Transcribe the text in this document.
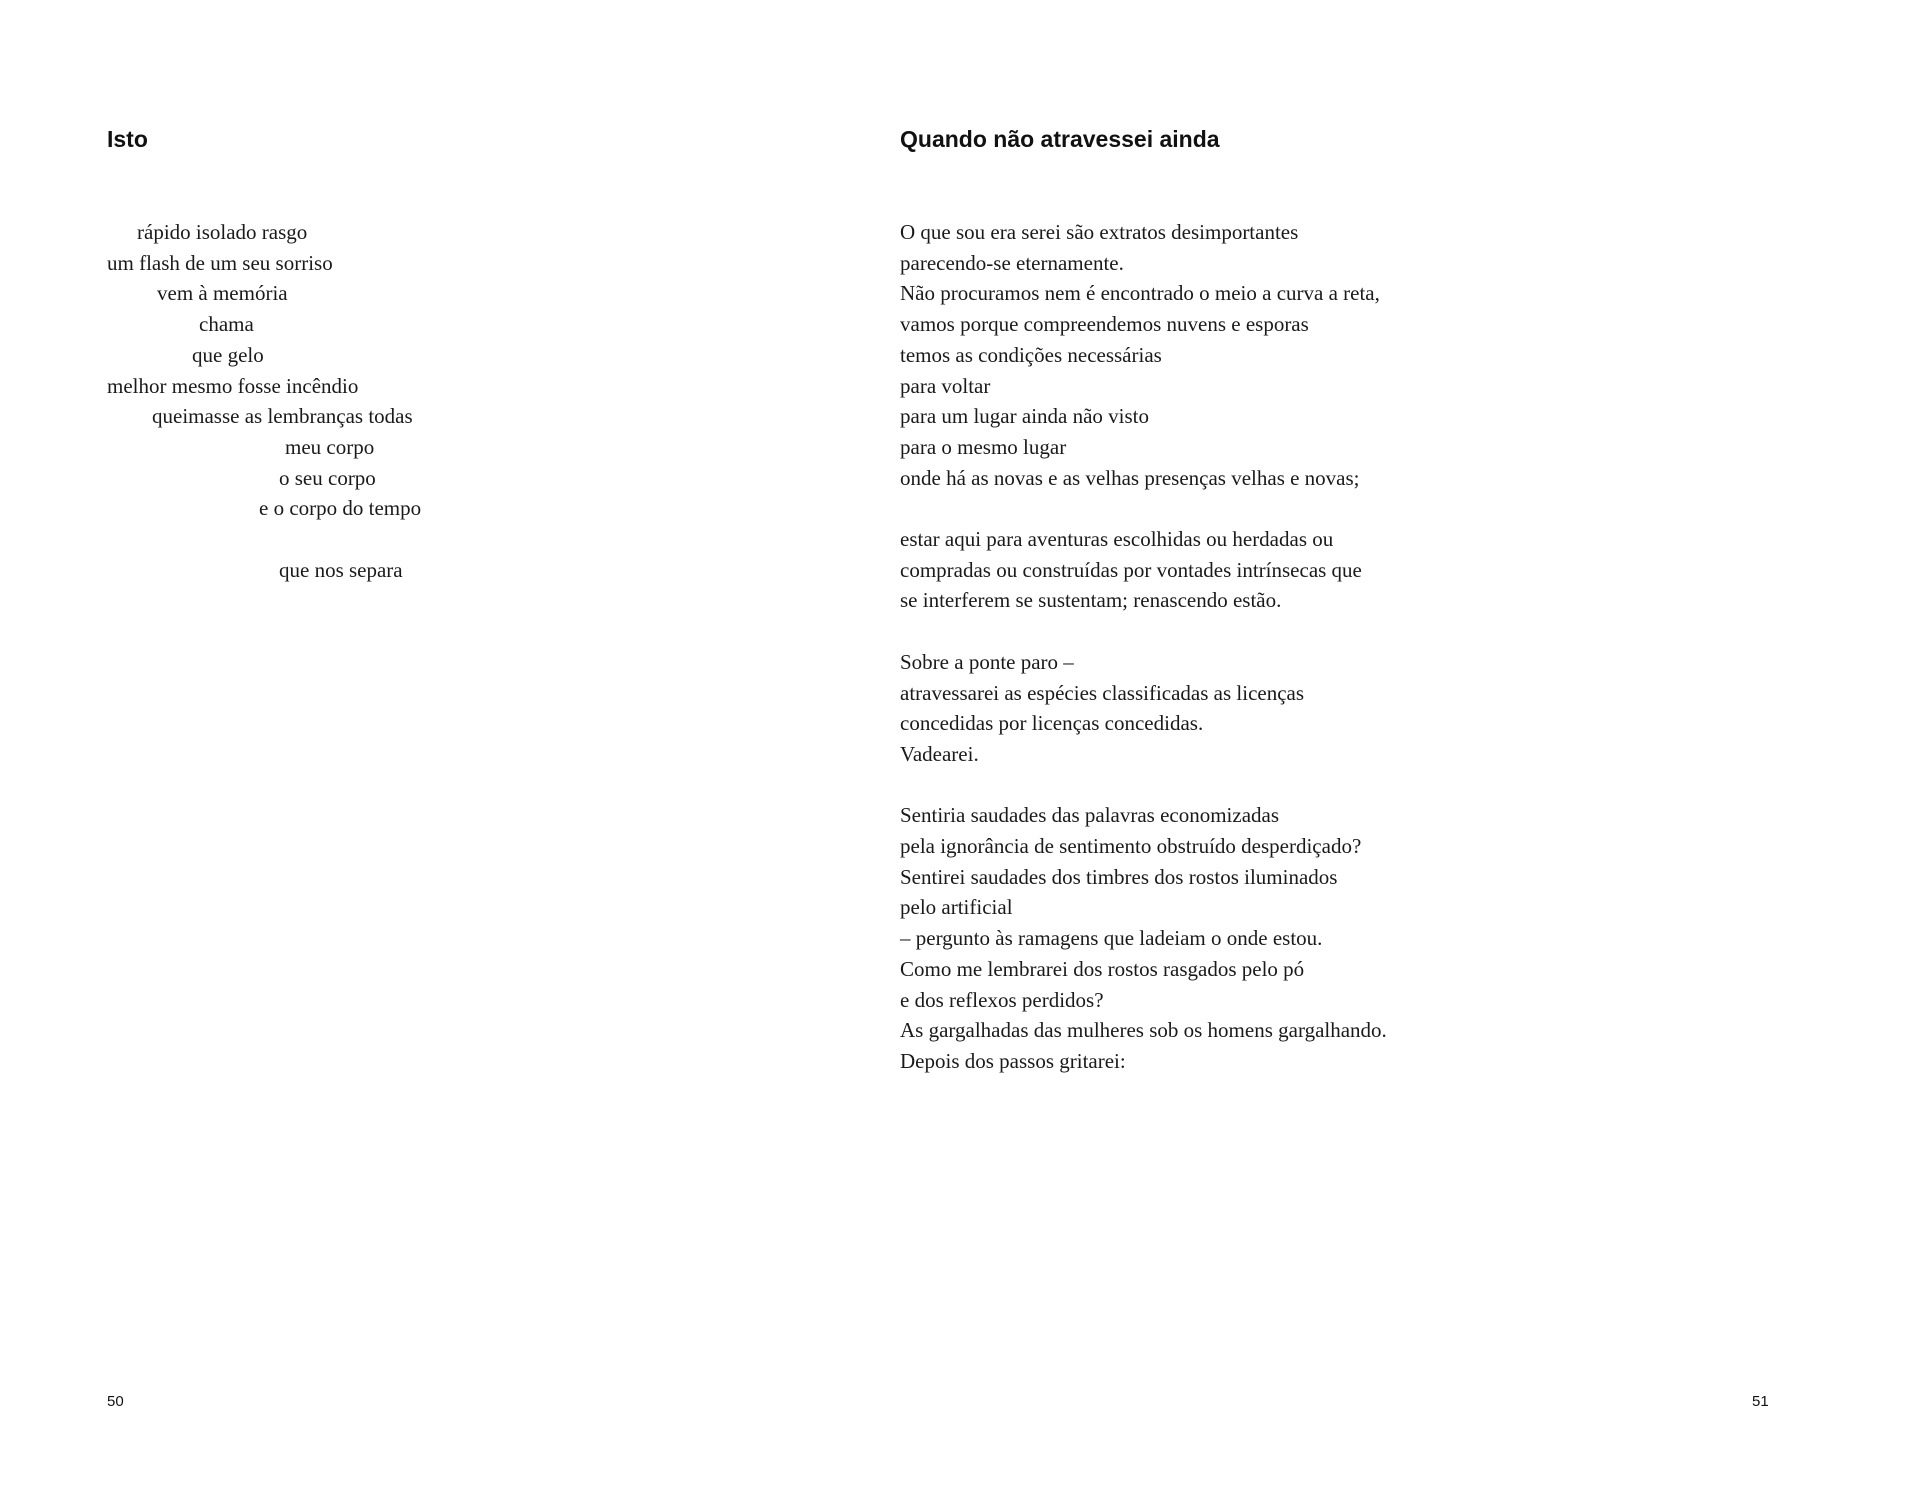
Isto
rápido isolado rasgo
um flash de um seu sorriso
vem à memória
chama
que gelo
melhor mesmo fosse incêndio
queimasse as lembranças todas
meu corpo
o seu corpo
e o corpo do tempo
que nos separa
50
Quando não atravessei ainda
O que sou era serei são extratos desimportantes
parecendo-se eternamente.
Não procuramos nem é encontrado o meio a curva a reta,
vamos porque compreendemos nuvens e esporas
temos as condições necessárias
para voltar
para um lugar ainda não visto
para o mesmo lugar
onde há as novas e as velhas presenças velhas e novas;
estar aqui para aventuras escolhidas ou herdadas ou
compradas ou construídas por vontades intrínsecas que
se interferem se sustentam; renascendo estão.
Sobre a ponte paro –
atravessarei as espécies classificadas as licenças
concedidas por licenças concedidas.
Vadearei.
Sentiria saudades das palavras economizadas
pela ignorância de sentimento obstruído desperdiçado?
Sentirei saudades dos timbres dos rostos iluminados
pelo artificial
– pergunto às ramagens que ladeiam o onde estou.
Como me lembrarei dos rostos rasgados pelo pó
e dos reflexos perdidos?
As gargalhadas das mulheres sob os homens gargalhando.
Depois dos passos gritarei:
51
